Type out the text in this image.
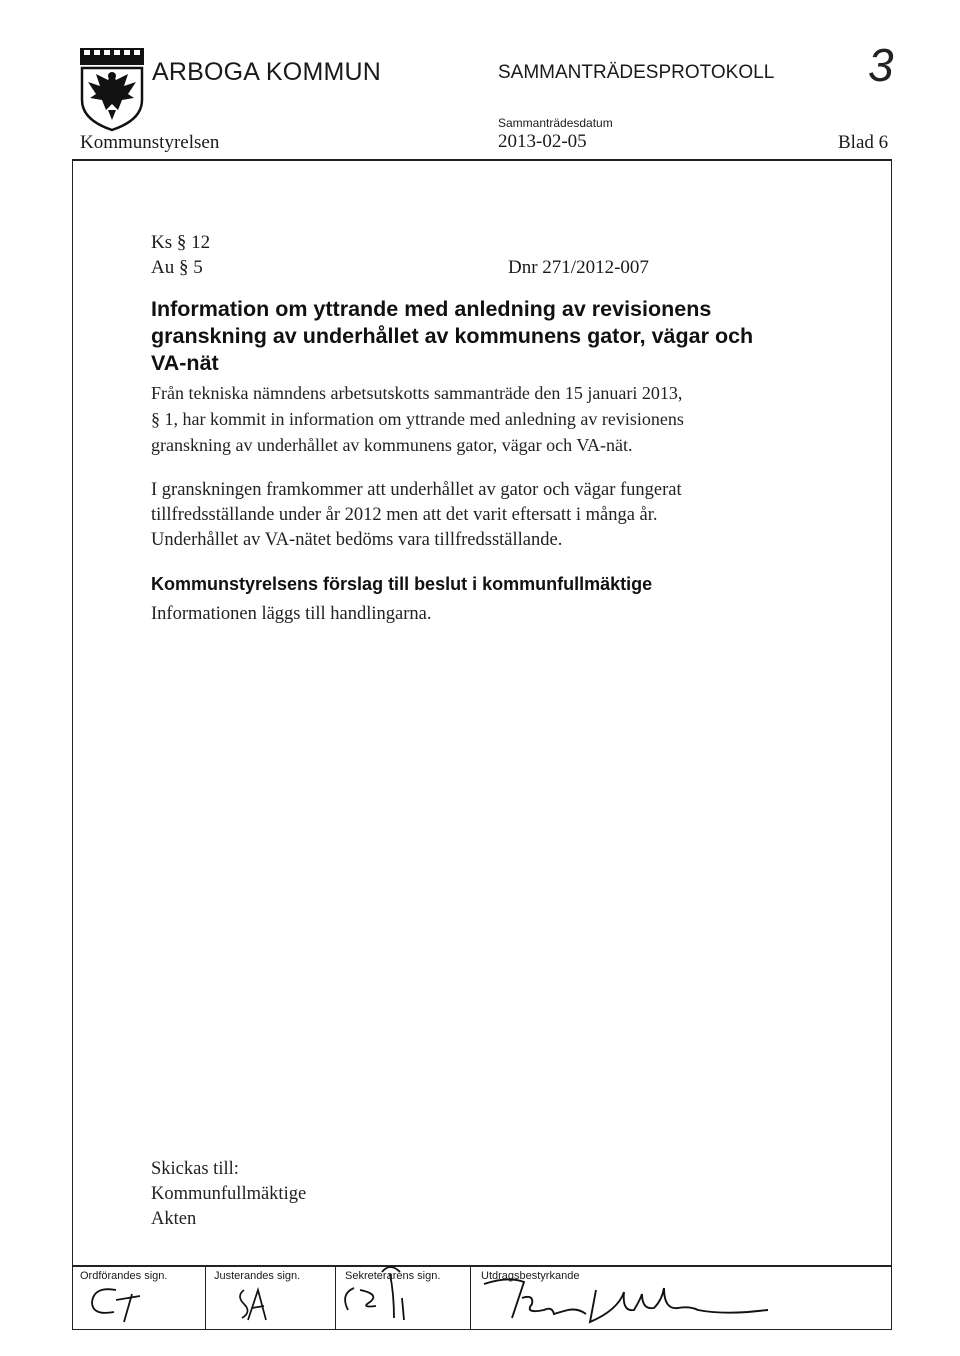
ARBOGA KOMMUN	SAMMANTRÄDESPROTOKOLL 3
Kommunstyrelsen
Sammanträdesdatum
2013-02-05	Blad 6
Ks § 12
Au § 5	Dnr 271/2012-007
Information om yttrande med anledning av revisionens
granskning av underhållet av kommunens gator, vägar och
VA-nät
Från tekniska nämndens arbetsutskotts sammanträde den 15 januari 2013,
§ 1, har kommit in information om yttrande med anledning av revisionens
granskning av underhållet av kommunens gator, vägar och VA-nät.
I granskningen framkommer att underhållet av gator och vägar fungerat
tillfredsställande under år 2012 men att det varit eftersatt i många år.
Underhållet av VA-nätet bedöms vara tillfredsställande.
Kommunstyrelsens förslag till beslut i kommunfullmäktige
Informationen läggs till handlingarna.
Skickas till:
Kommunfullmäktige
Akten
Ordförandes sign.	Justerandes sign.	Sekreterarens sign.	Utdragsbestyrkande
